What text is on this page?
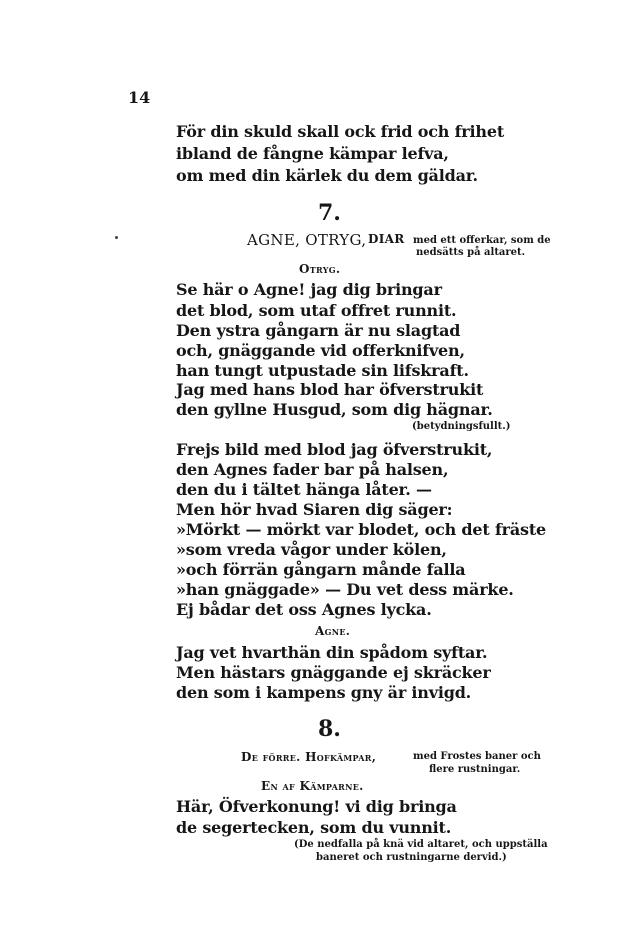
14
För din skuld skall ock frid och frihet
ibland de fångne kämpar lefva,
om med din kärlek du dem gäldar.
7.
AGNE, OTRYG, DIAR med ett offerkar, som de
nedsätts på altaret.
Otryg.
Se här o Agne! jag dig bringar
det blod, som utaf offret runnit.
Den ystra gångarn är nu slagtad
och, gnäggande vid offerknifven,
han tungt utpustade sin lifskraft.
Jag med hans blod har öfverstrukit
den gyllne Husgud, som dig hägnar.
(betydningsfullt.)
Frejs bild med blod jag öfverstrukit,
den Agnes fader bar på halsen,
den du i tältet hänga låter. —
Men hör hvad Siaren dig säger:
»Mörkt — mörkt var blodet, och det fräste
»som vreda vågor under kölen,
»och förrän gångarn månde falla
»han gnäggade» — Du vet dess märke.
Ej bådar det oss Agnes lycka.
Agne.
Jag vet hvarthän din spådom syftar.
Men hästars gnäggande ej skräcker
den som i kampens gny är invigd.
8.
De förre. Hofkämpar,	med Frostes baner och
flere rustningar.
En af Kämparne.
Här, Öfverkonung! vi dig bringa
de segertecken, som du vunnit.
(De nedfalla på knä vid altaret, och uppställa
baneret och rustningarne dervid.)
